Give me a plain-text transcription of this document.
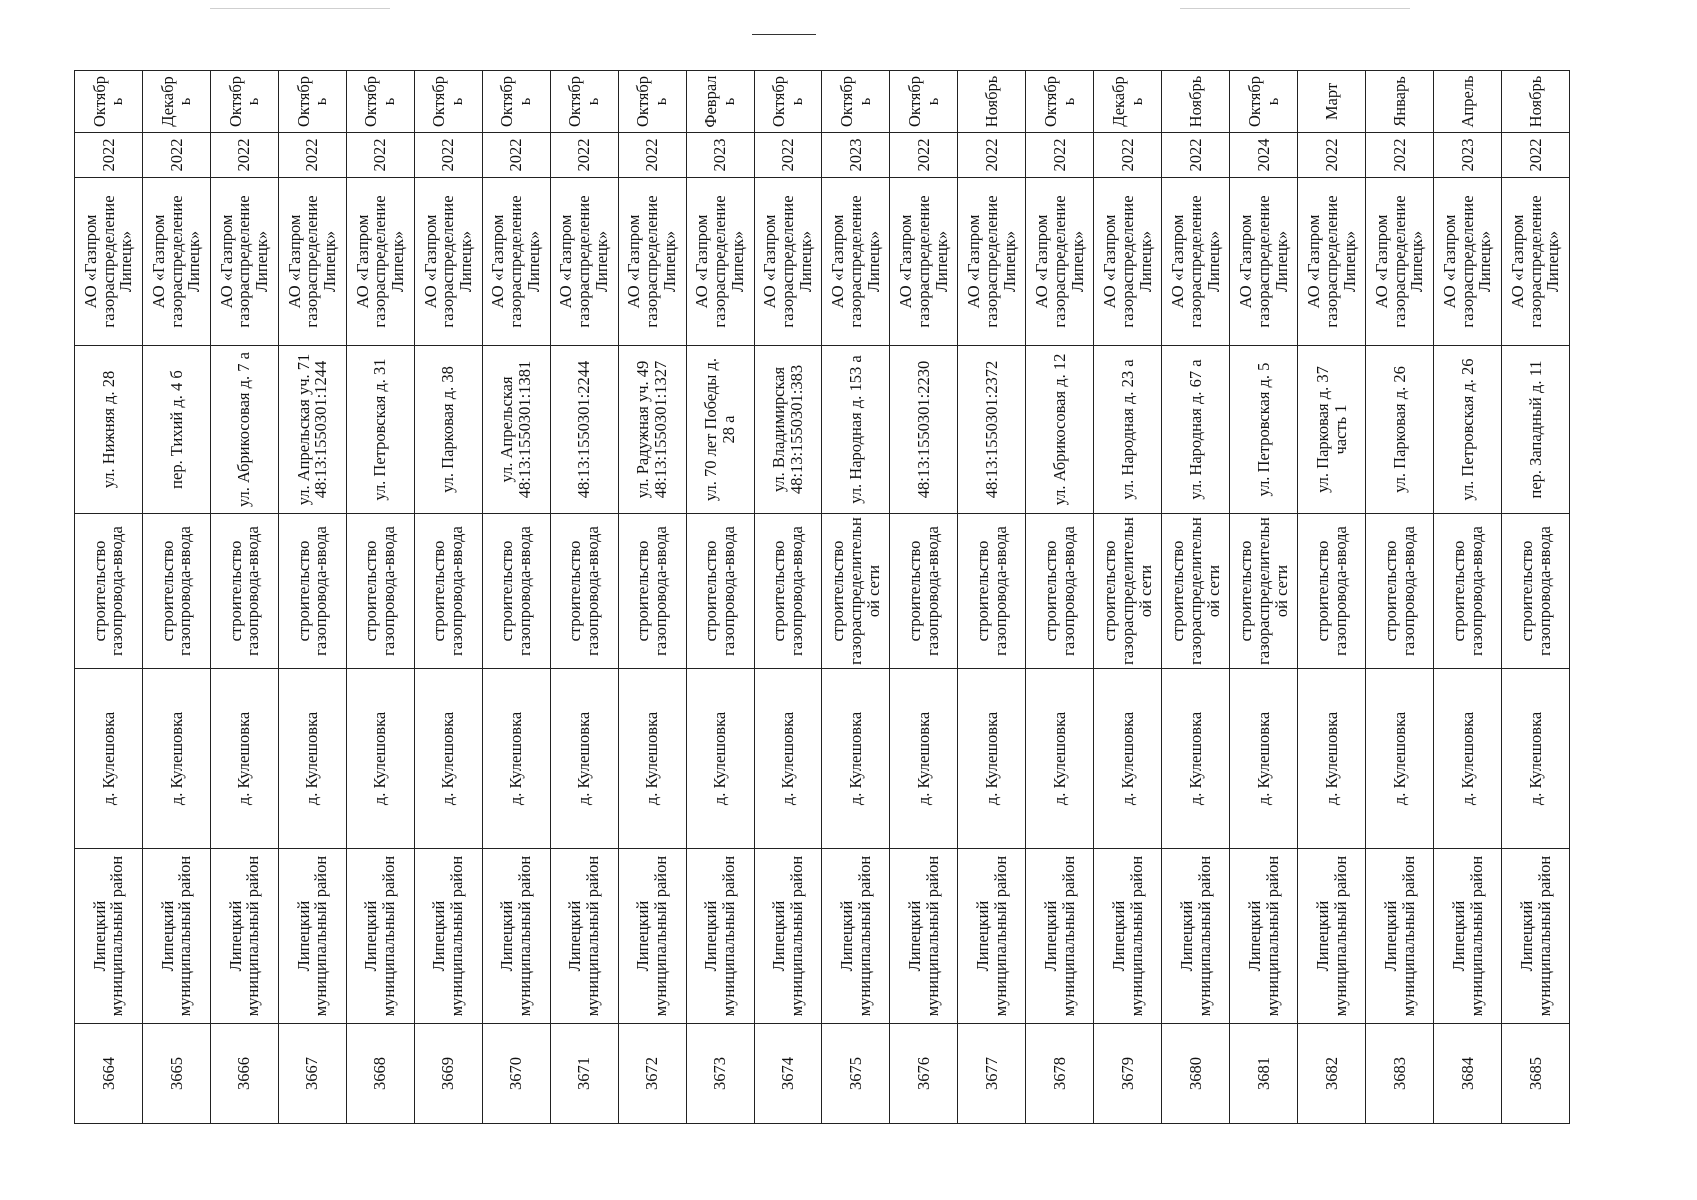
3664	Липецкий муниципальный район	д. Кулешовка	строительство газопровода-ввода	ул. Нижняя д. 28	АО «Газпром газораспределение Липецк»	2022	Октябрь
3665	Липецкий муниципальный район	д. Кулешовка	строительство газопровода-ввода	пер. Тихий д. 4 б	АО «Газпром газораспределение Липецк»	2022	Декабрь
3666	Липецкий муниципальный район	д. Кулешовка	строительство газопровода-ввода	ул. Абрикосовая д. 7 а	АО «Газпром газораспределение Липецк»	2022	Октябрь
3667	Липецкий муниципальный район	д. Кулешовка	строительство газопровода-ввода	ул. Апрельская уч. 71 48:13:1550301:1244	АО «Газпром газораспределение Липецк»	2022	Октябрь
3668	Липецкий муниципальный район	д. Кулешовка	строительство газопровода-ввода	ул. Петровская д. 31	АО «Газпром газораспределение Липецк»	2022	Октябрь
3669	Липецкий муниципальный район	д. Кулешовка	строительство газопровода-ввода	ул. Парковая д. 38	АО «Газпром газораспределение Липецк»	2022	Октябрь
3670	Липецкий муниципальный район	д. Кулешовка	строительство газопровода-ввода	ул. Апрельская 48:13:1550301:1381	АО «Газпром газораспределение Липецк»	2022	Октябрь
3671	Липецкий муниципальный район	д. Кулешовка	строительство газопровода-ввода	48:13:1550301:2244	АО «Газпром газораспределение Липецк»	2022	Октябрь
3672	Липецкий муниципальный район	д. Кулешовка	строительство газопровода-ввода	ул. Радужная уч. 49 48:13:1550301:1327	АО «Газпром газораспределение Липецк»	2022	Октябрь
3673	Липецкий муниципальный район	д. Кулешовка	строительство газопровода-ввода	ул. 70 лет Победы д. 28 а	АО «Газпром газораспределение Липецк»	2023	Февраль
3674	Липецкий муниципальный район	д. Кулешовка	строительство газопровода-ввода	ул. Владимирская 48:13:1550301:383	АО «Газпром газораспределение Липецк»	2022	Октябрь
3675	Липецкий муниципальный район	д. Кулешовка	строительство газораспределительной сети	ул. Народная д. 153 а	АО «Газпром газораспределение Липецк»	2023	Октябрь
3676	Липецкий муниципальный район	д. Кулешовка	строительство газопровода-ввода	48:13:1550301:2230	АО «Газпром газораспределение Липецк»	2022	Октябрь
3677	Липецкий муниципальный район	д. Кулешовка	строительство газопровода-ввода	48:13:1550301:2372	АО «Газпром газораспределение Липецк»	2022	Ноябрь
3678	Липецкий муниципальный район	д. Кулешовка	строительство газопровода-ввода	ул. Абрикосовая д. 12	АО «Газпром газораспределение Липецк»	2022	Октябрь
3679	Липецкий муниципальный район	д. Кулешовка	строительство газораспределительной сети	ул. Народная д. 23 а	АО «Газпром газораспределение Липецк»	2022	Декабрь
3680	Липецкий муниципальный район	д. Кулешовка	строительство газораспределительной сети	ул. Народная д. 67 а	АО «Газпром газораспределение Липецк»	2022	Ноябрь
3681	Липецкий муниципальный район	д. Кулешовка	строительство газораспределительной сети	ул. Петровская д. 5	АО «Газпром газораспределение Липецк»	2024	Октябрь
3682	Липецкий муниципальный район	д. Кулешовка	строительство газопровода-ввода	ул. Парковая д. 37 часть 1	АО «Газпром газораспределение Липецк»	2022	Март
3683	Липецкий муниципальный район	д. Кулешовка	строительство газопровода-ввода	ул. Парковая д. 26	АО «Газпром газораспределение Липецк»	2022	Январь
3684	Липецкий муниципальный район	д. Кулешовка	строительство газопровода-ввода	ул. Петровская д. 26	АО «Газпром газораспределение Липецк»	2023	Апрель
3685	Липецкий муниципальный район	д. Кулешовка	строительство газопровода-ввода	пер. Западный д. 11	АО «Газпром газораспределение Липецк»	2022	Ноябрь
